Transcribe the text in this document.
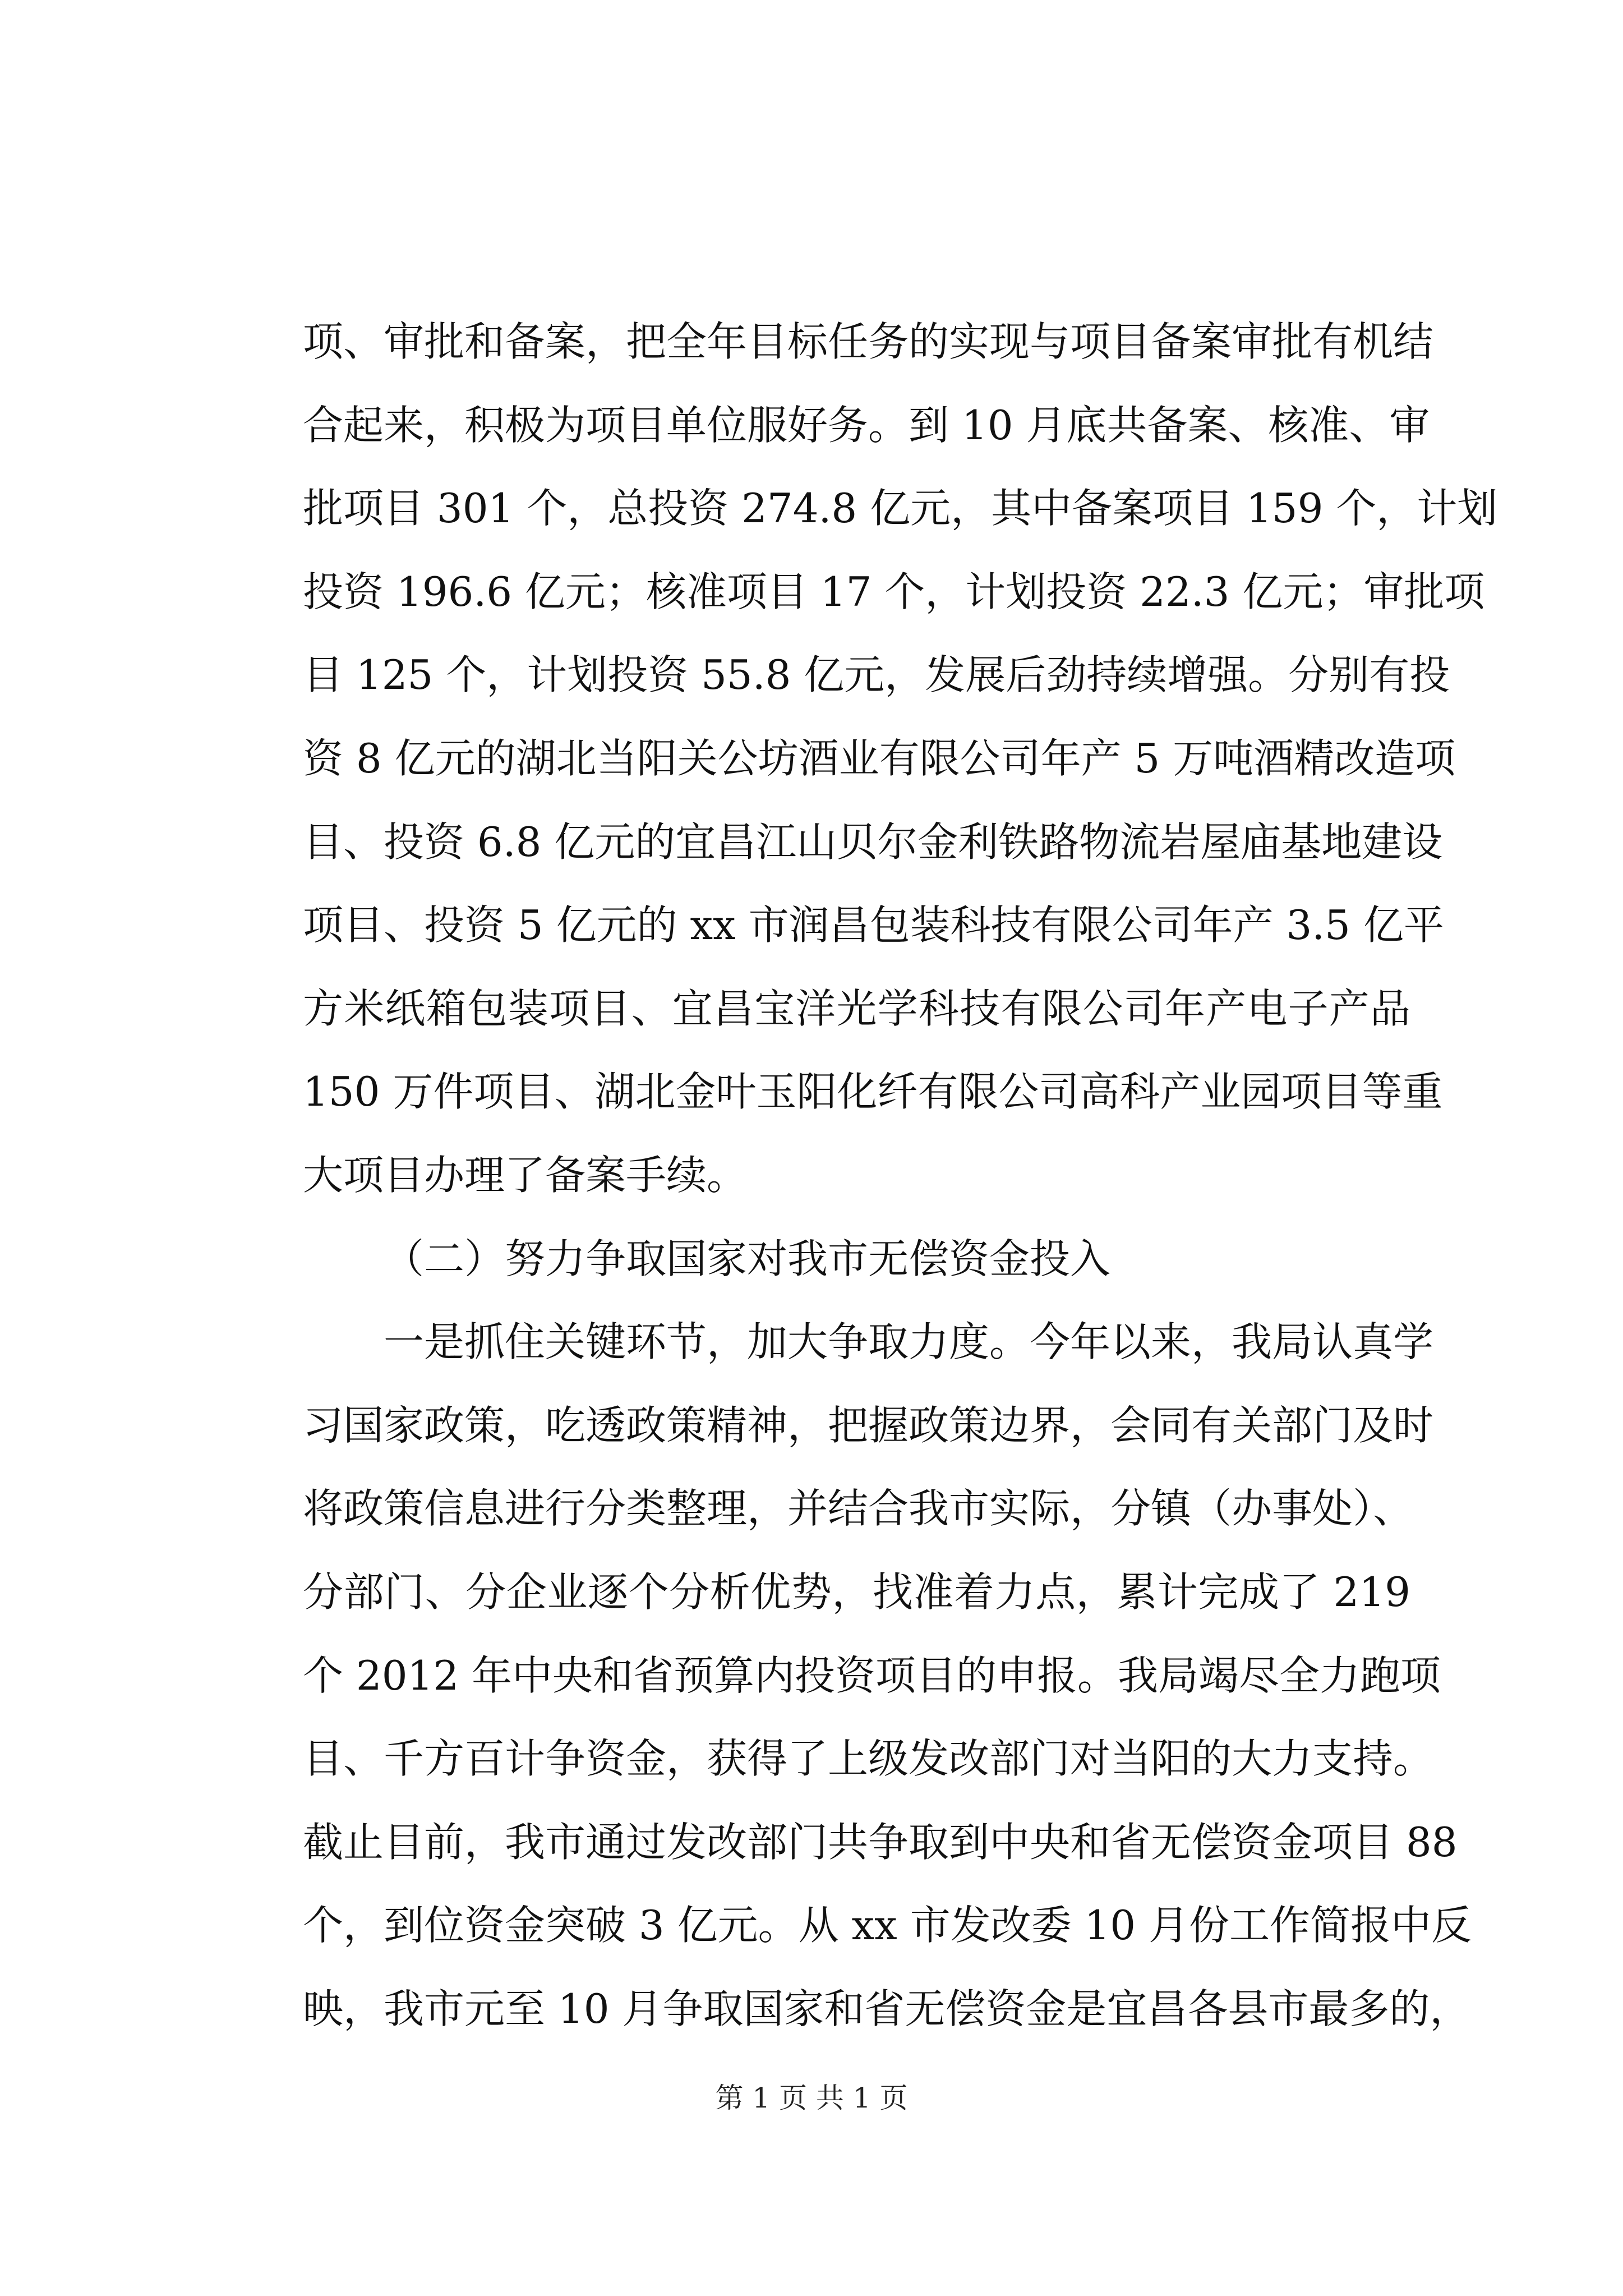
项、审批和备案，把全年目标任务的实现与项目备案审批有机结
合起来，积极为项目单位服好务。到 10 月底共备案、核准、审
批项目 301 个，总投资 274.8 亿元，其中备案项目 159 个，计划
投资 196.6 亿元；核准项目 17 个，计划投资 22.3 亿元；审批项
目 125 个，计划投资 55.8 亿元，发展后劲持续增强。分别有投
资 8 亿元的湖北当阳关公坊酒业有限公司年产 5 万吨酒精改造项
目、投资 6.8 亿元的宜昌江山贝尔金利铁路物流岩屋庙基地建设
项目、投资 5 亿元的 xx 市润昌包装科技有限公司年产 3.5 亿平
方米纸箱包装项目、宜昌宝洋光学科技有限公司年产电子产品
150 万件项目、湖北金叶玉阳化纤有限公司高科产业园项目等重
大项目办理了备案手续。
（二）努力争取国家对我市无偿资金投入
一是抓住关键环节，加大争取力度。今年以来，我局认真学
习国家政策，吃透政策精神，把握政策边界，会同有关部门及时
将政策信息进行分类整理，并结合我市实际，分镇（办事处）、
分部门、分企业逐个分析优势，找准着力点，累计完成了 219
个 2012 年中央和省预算内投资项目的申报。我局竭尽全力跑项
目、千方百计争资金，获得了上级发改部门对当阳的大力支持。
截止目前，我市通过发改部门共争取到中央和省无偿资金项目 88
个，到位资金突破 3 亿元。从 xx 市发改委 10 月份工作简报中反
映，我市元至 10 月争取国家和省无偿资金是宜昌各县市最多的，
第 1 页 共 1 页
